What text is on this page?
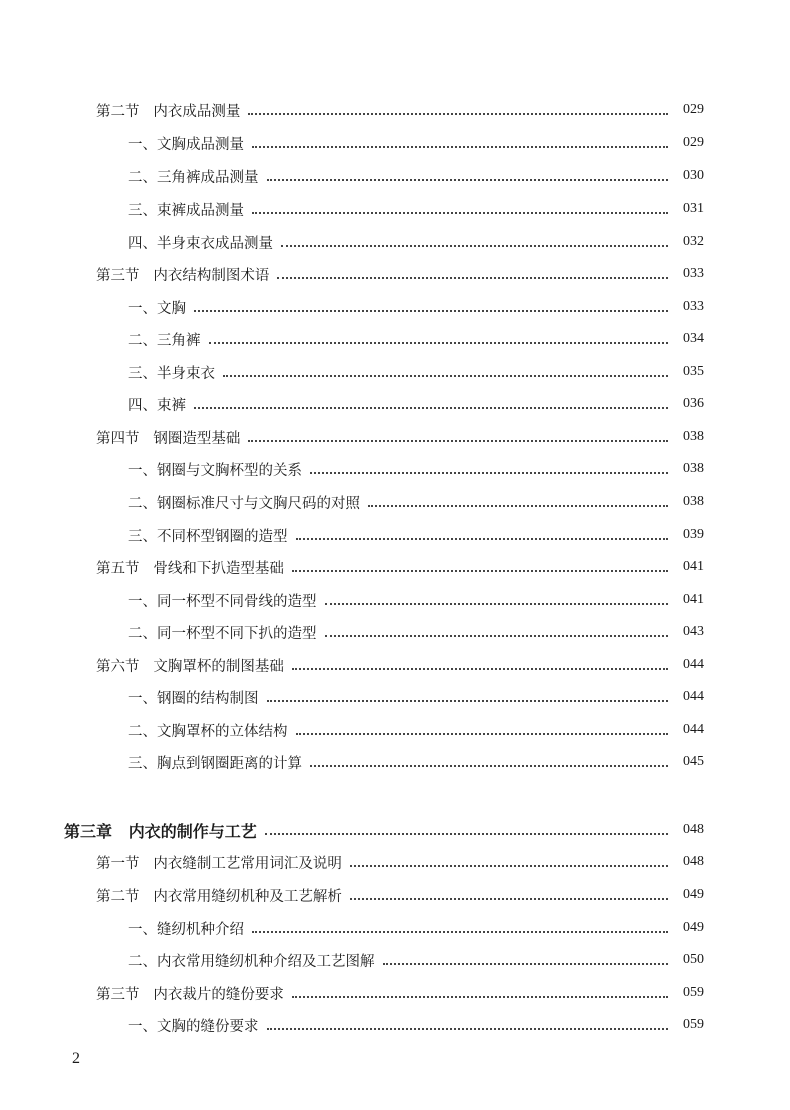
第二节 内衣成品测量	029
一、文胸成品测量	029
二、三角裤成品测量	030
三、束裤成品测量	031
四、半身束衣成品测量	032
第三节 内衣结构制图术语	033
一、文胸	033
二、三角裤	034
三、半身束衣	035
四、束裤	036
第四节 钢圈造型基础	038
一、钢圈与文胸杯型的关系	038
二、钢圈标准尺寸与文胸尺码的对照	038
三、不同杯型钢圈的造型	039
第五节 骨线和下扒造型基础	041
一、同一杯型不同骨线的造型	041
二、同一杯型不同下扒的造型	043
第六节 文胸罩杯的制图基础	044
一、钢圈的结构制图	044
二、文胸罩杯的立体结构	044
三、胸点到钢圈距离的计算	045
第三章 内衣的制作与工艺	048
第一节 内衣缝制工艺常用词汇及说明	048
第二节 内衣常用缝纫机种及工艺解析	049
一、缝纫机种介绍	049
二、内衣常用缝纫机种介绍及工艺图解	050
第三节 内衣裁片的缝份要求	059
一、文胸的缝份要求	059
2
